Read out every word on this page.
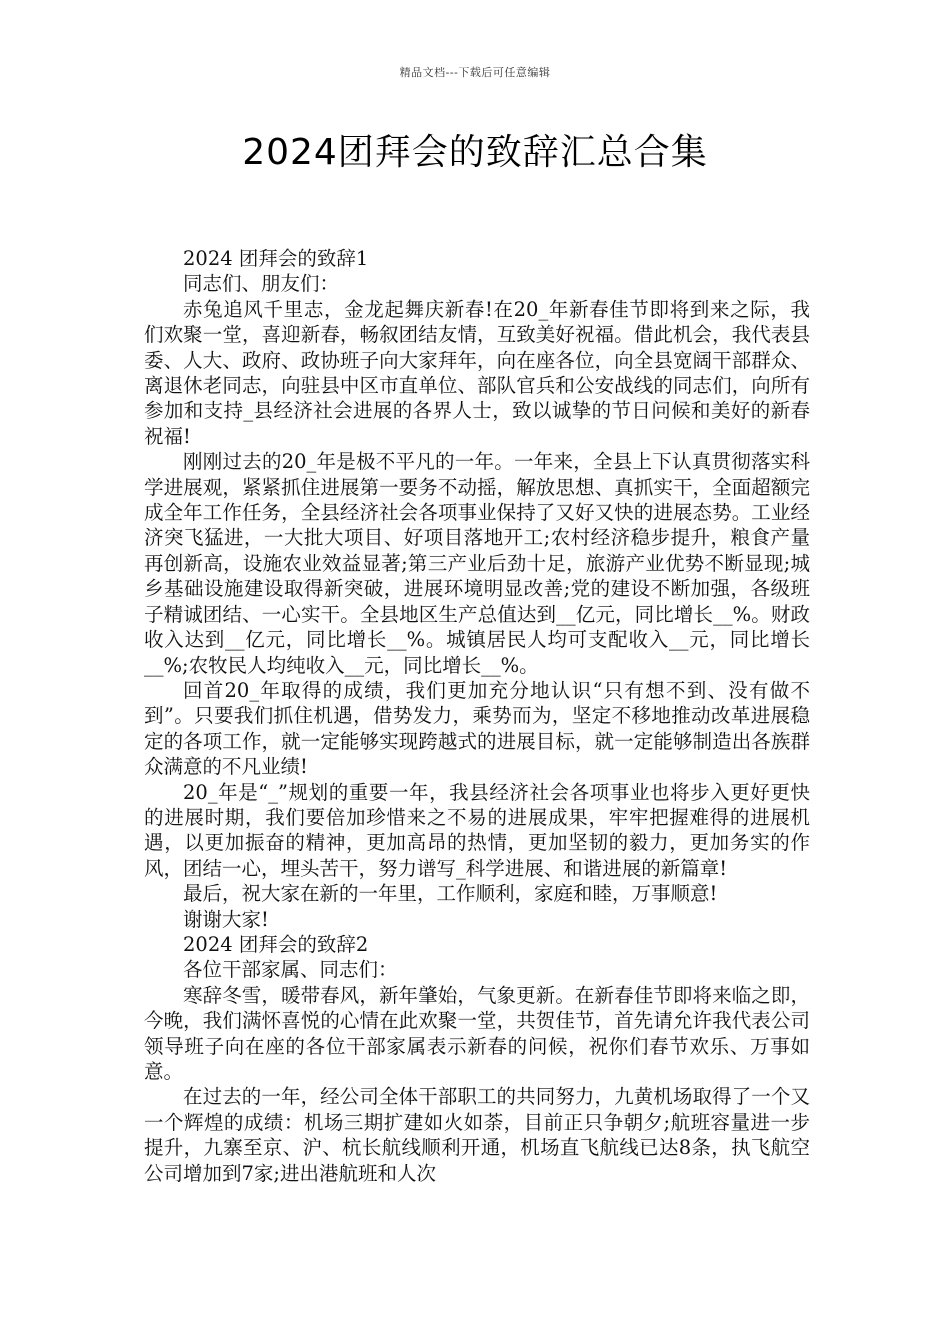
精品文档---下载后可任意编辑
2024团拜会的致辞汇总合集

2024 团拜会的致辞1

同志们、朋友们：

赤兔追风千里志，金龙起舞庆新春!在20_年新春佳节即将到来之际，我们欢聚一堂，喜迎新春，畅叙团结友情，互致美好祝福。借此机会，我代表县委、人大、政府、政协班子向大家拜年，向在座各位，向全县宽阔干部群众、离退休老同志，向驻县中区市直单位、部队官兵和公安战线的同志们，向所有参加和支持_县经济社会进展的各界人士，致以诚挚的节日问候和美好的新春祝福!

刚刚过去的20_年是极不平凡的一年。一年来，全县上下认真贯彻落实科学进展观，紧紧抓住进展第一要务不动摇，解放思想、真抓实干，全面超额完成全年工作任务，全县经济社会各项事业保持了又好又快的进展态势。工业经济突飞猛进，一大批大项目、好项目落地开工;农村经济稳步提升，粮食产量再创新高，设施农业效益显著;第三产业后劲十足，旅游产业优势不断显现;城乡基础设施建设取得新突破，进展环境明显改善;党的建设不断加强，各级班子精诚团结、一心实干。全县地区生产总值达到__亿元，同比增长__%。财政收入达到__亿元，同比增长__%。城镇居民人均可支配收入__元，同比增长__%;农牧民人均纯收入__元，同比增长__%。

回首20_年取得的成绩，我们更加充分地认识“只有想不到、没有做不到”。只要我们抓住机遇，借势发力，乘势而为，坚定不移地推动改革进展稳定的各项工作，就一定能够实现跨越式的进展目标，就一定能够制造出各族群众满意的不凡业绩!

20_年是“_”规划的重要一年，我县经济社会各项事业也将步入更好更快的进展时期，我们要倍加珍惜来之不易的进展成果，牢牢把握难得的进展机遇，以更加振奋的精神，更加高昂的热情，更加坚韧的毅力，更加务实的作风，团结一心，埋头苦干，努力谱写_科学进展、和谐进展的新篇章!

最后，祝大家在新的一年里，工作顺利，家庭和睦，万事顺意!

谢谢大家!

2024 团拜会的致辞2

各位干部家属、同志们：

寒辞冬雪，暖带春风，新年肇始，气象更新。在新春佳节即将来临之即，今晚，我们满怀喜悦的心情在此欢聚一堂，共贺佳节，首先请允许我代表公司领导班子向在座的各位干部家属表示新春的问候，祝你们春节欢乐、万事如意。

在过去的一年，经公司全体干部职工的共同努力，九黄机场取得了一个又一个辉煌的成绩：机场三期扩建如火如荼，目前正只争朝夕;航班容量进一步提升，九寨至京、沪、杭长航线顺利开通，机场直飞航线已达8条，执飞航空公司增加到7家;进出港航班和人次
